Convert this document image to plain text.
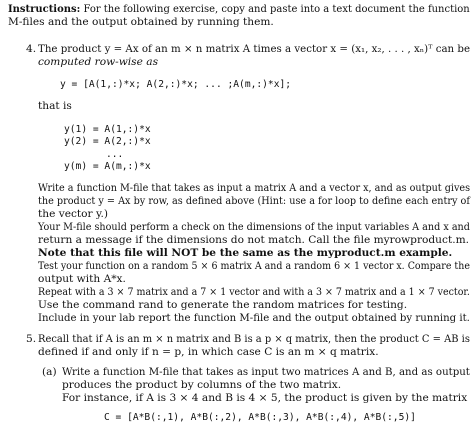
Instructions: For the following exercise, copy and paste into a text document the function
M-files and the output obtained by running them.
4. The product y = Ax of an m × n matrix A times a vector x = (x₁, x₂, . . . , xₙ)ᵀ can be
computed row-wise as
y = [A(1,:)*x; A(2,:)*x; ... ;A(m,:)*x];
that is
y(1) = A(1,:)*x
y(2) = A(2,:)*x
...
y(m) = A(m,:)*x
Write a function M-file that takes as input a matrix A and a vector x, and as output gives
the product y = Ax by row, as defined above (Hint: use a for loop to define each entry of
the vector y.)
Your M-file should perform a check on the dimensions of the input variables A and x and
return a message if the dimensions do not match. Call the file myrowproduct.m.
Note that this file will NOT be the same as the myproduct.m example.
Test your function on a random 5 × 6 matrix A and a random 6 × 1 vector x. Compare the
output with A*x.
Repeat with a 3 × 7 matrix and a 7 × 1 vector and with a 3 × 7 matrix and a 1 × 7 vector.
Use the command rand to generate the random matrices for testing.
Include in your lab report the function M-file and the output obtained by running it.
5. Recall that if A is an m × n matrix and B is a p × q matrix, then the product C = AB is
defined if and only if n = p, in which case C is an m × q matrix.
(a) Write a function M-file that takes as input two matrices A and B, and as output
produces the product by columns of the two matrix.
For instance, if A is 3 × 4 and B is 4 × 5, the product is given by the matrix
C = [A*B(:,1), A*B(:,2), A*B(:,3), A*B(:,4), A*B(:,5)]
